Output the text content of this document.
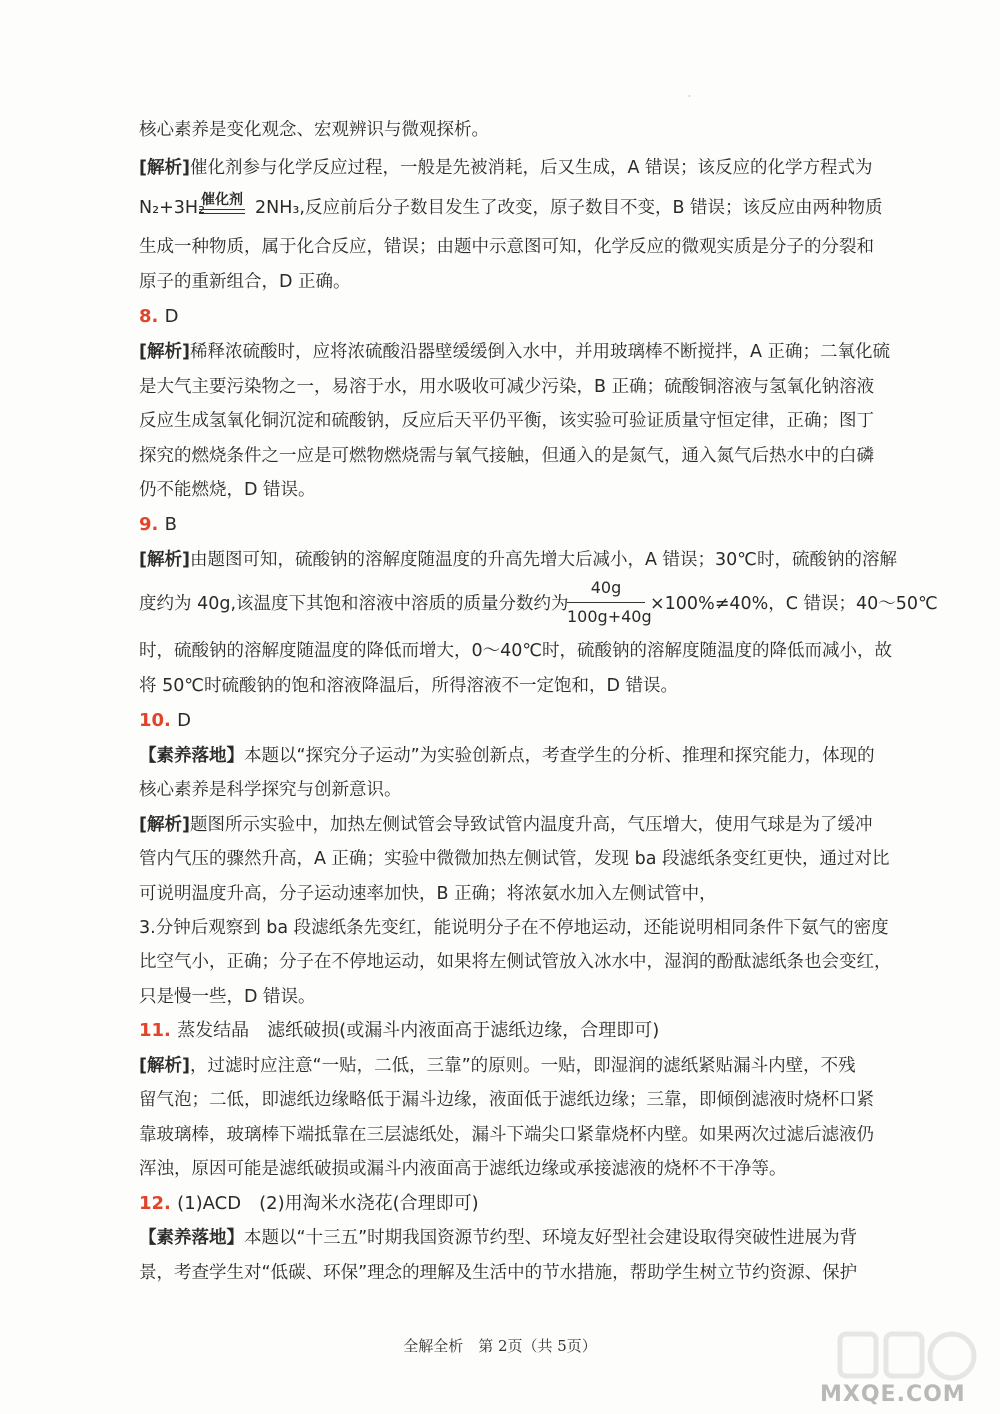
·
核心素养是变化观念、宏观辨识与微观探析。
[解析]催化剂参与化学反应过程，一般是先被消耗，后又生成，A 错误；该反应的化学方程式为
N₂+3H₂
催化剂 2NH₃,反应前后分子数目发生了改变，原子数目不变，B 错误；该反应由两种物质
生成一种物质，属于化合反应，错误；由题中示意图可知，化学反应的微观实质是分子的分裂和
原子的重新组合，D 正确。
8. D
[解析]稀释浓硫酸时，应将浓硫酸沿器壁缓缓倒入水中，并用玻璃棒不断搅拌，A 正确；二氧化硫
是大气主要污染物之一，易溶于水，用水吸收可减少污染，B 正确；硫酸铜溶液与氢氧化钠溶液
反应生成氢氧化铜沉淀和硫酸钠，反应后天平仍平衡，该实验可验证质量守恒定律，正确；图丁
探究的燃烧条件之一应是可燃物燃烧需与氧气接触，但通入的是氮气，通入氮气后热水中的白磷
仍不能燃烧，D 错误。
9. B
[解析]由题图可知，硫酸钠的溶解度随温度的升高先增大后减小，A 错误；30℃时，硫酸钠的溶解
度约为 40g,该温度下其饱和溶液中溶质的质量分数约为
40g
100g+40g
×100%≠40%，C 错误；40～50℃
时，硫酸钠的溶解度随温度的降低而增大，0～40℃时，硫酸钠的溶解度随温度的降低而减小，故
将 50℃时硫酸钠的饱和溶液降温后，所得溶液不一定饱和，D 错误。
10. D
【素养落地】本题以“探究分子运动”为实验创新点，考查学生的分析、推理和探究能力，体现的
核心素养是科学探究与创新意识。
[解析]题图所示实验中，加热左侧试管会导致试管内温度升高，气压增大，使用气球是为了缓冲
管内气压的骤然升高，A 正确；实验中微微加热左侧试管，发现 ba 段滤纸条变红更快，通过对比
可说明温度升高，分子运动速率加快，B 正确；将浓氨水加入左侧试管中，
3.分钟后观察到 ba 段滤纸条先变红，能说明分子在不停地运动，还能说明相同条件下氨气的密度
比空气小，正确；分子在不停地运动，如果将左侧试管放入冰水中，湿润的酚酞滤纸条也会变红，
只是慢一些，D 错误。
11. 蒸发结晶　滤纸破损(或漏斗内液面高于滤纸边缘，合理即可)
[解析]，过滤时应注意“一贴，二低，三靠”的原则。一贴，即湿润的滤纸紧贴漏斗内壁，不残
留气泡；二低，即滤纸边缘略低于漏斗边缘，液面低于滤纸边缘；三靠，即倾倒滤液时烧杯口紧
靠玻璃棒，玻璃棒下端抵靠在三层滤纸处，漏斗下端尖口紧靠烧杯内壁。如果两次过滤后滤液仍
浑浊，原因可能是滤纸破损或漏斗内液面高于滤纸边缘或承接滤液的烧杯不干净等。
12. (1)ACD　(2)用淘米水浇花(合理即可)
【素养落地】本题以“十三五”时期我国资源节约型、环境友好型社会建设取得突破性进展为背
景，考查学生对“低碳、环保”理念的理解及生活中的节水措施，帮助学生树立节约资源、保护
全解全析　第 2页（共 5页）
MXQE.COM
